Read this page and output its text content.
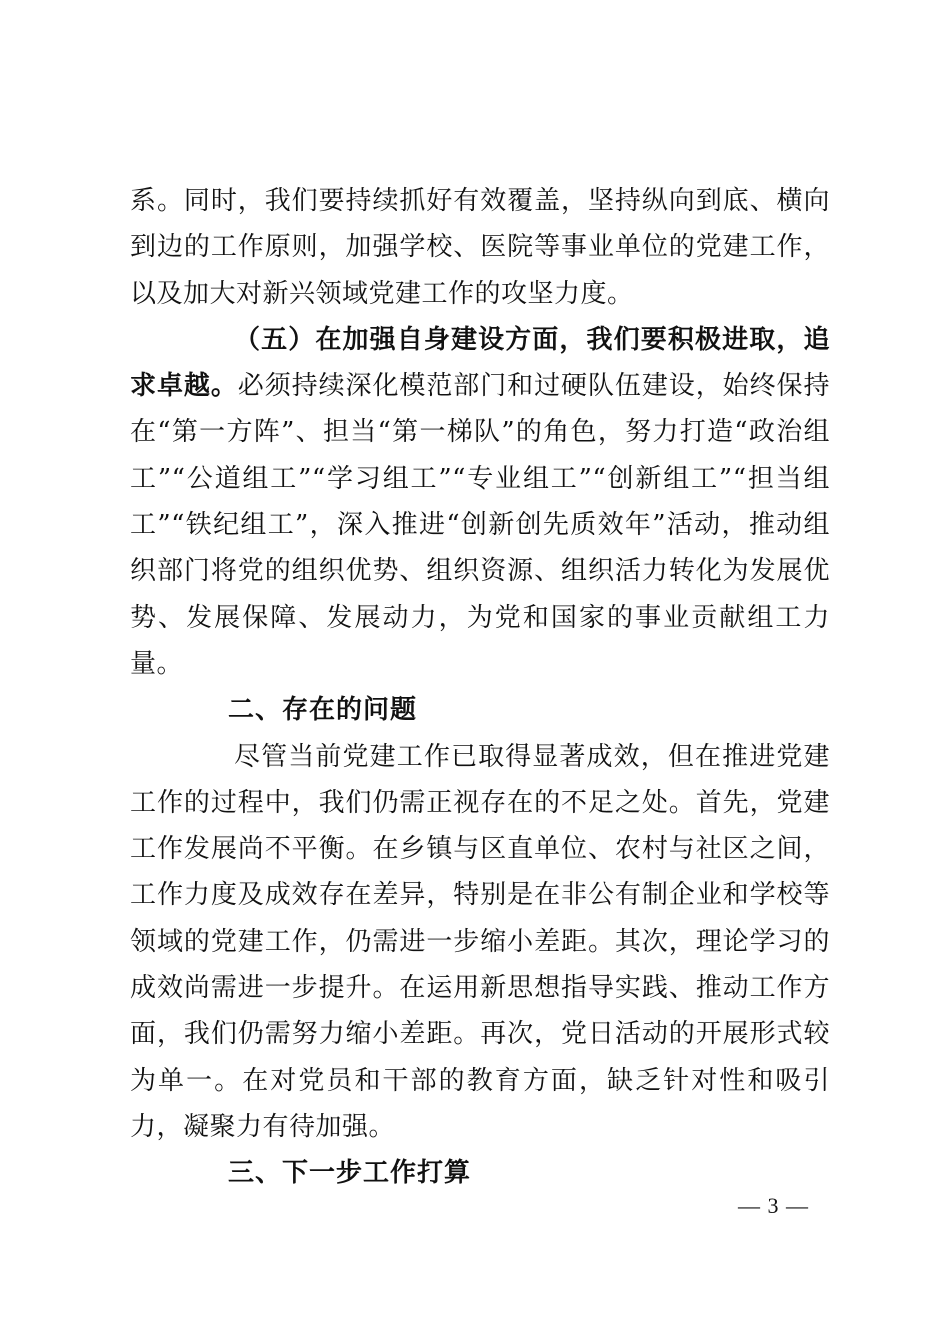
系。同时，我们要持续抓好有效覆盖，坚持纵向到底、横向到边的工作原则，加强学校、医院等事业单位的党建工作，以及加大对新兴领域党建工作的攻坚力度。

（五）在加强自身建设方面，我们要积极进取，追求卓越。必须持续深化模范部门和过硬队伍建设，始终保持在“第一方阵”、担当“第一梯队”的角色，努力打造“政治组工”“公道组工”“学习组工”“专业组工”“创新组工”“担当组工”“铁纪组工”，深入推进“创新创先质效年”活动，推动组织部门将党的组织优势、组织资源、组织活力转化为发展优势、发展保障、发展动力，为党和国家的事业贡献组工力量。

二、存在的问题

尽管当前党建工作已取得显著成效，但在推进党建工作的过程中，我们仍需正视存在的不足之处。首先，党建工作发展尚不平衡。在乡镇与区直单位、农村与社区之间，工作力度及成效存在差异，特别是在非公有制企业和学校等领域的党建工作，仍需进一步缩小差距。其次，理论学习的成效尚需进一步提升。在运用新思想指导实践、推动工作方面，我们仍需努力缩小差距。再次，党日活动的开展形式较为单一。在对党员和干部的教育方面，缺乏针对性和吸引力，凝聚力有待加强。

三、下一步工作打算

— 3 —
